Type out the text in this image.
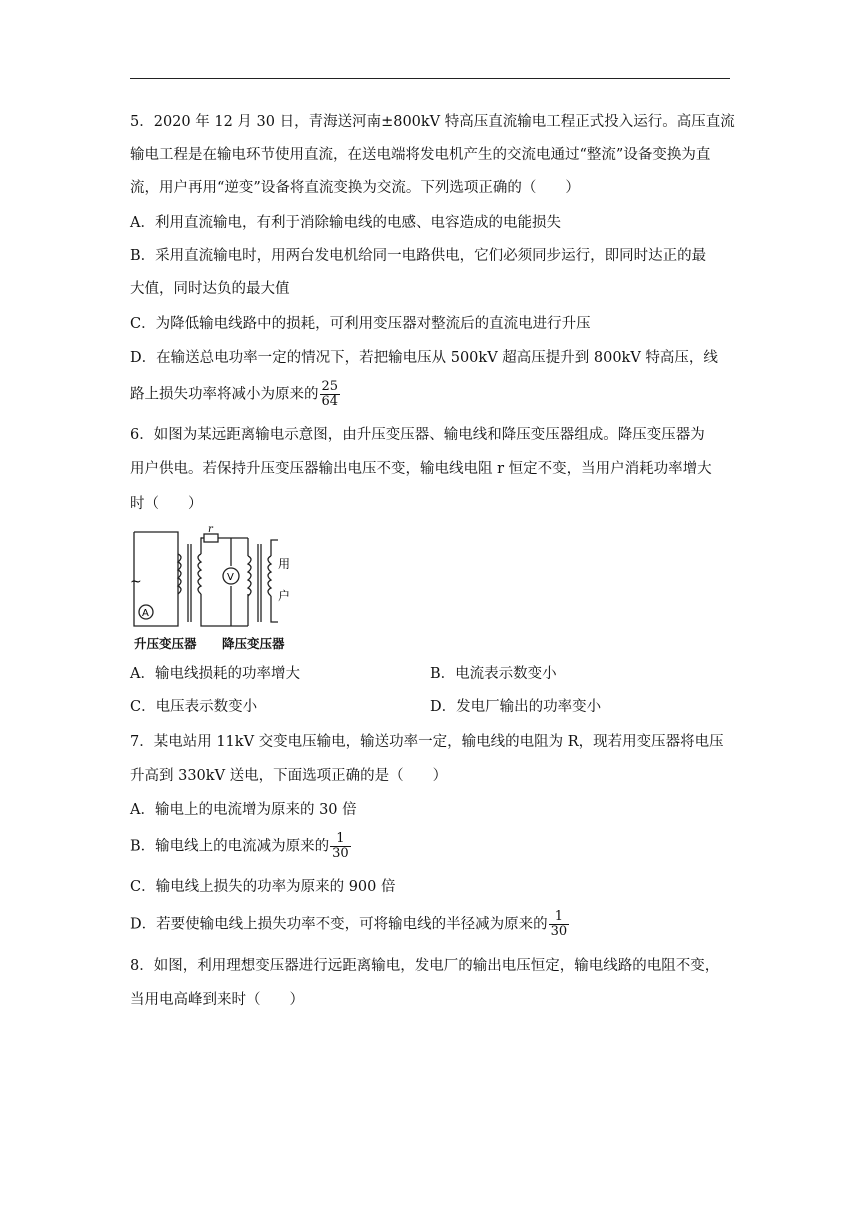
5．2020 年 12 月 30 日，青海送河南±800kV 特高压直流输电工程正式投入运行。高压直流
输电工程是在输电环节使用直流，在送电端将发电机产生的交流电通过“整流”设备变换为直
流，用户再用“逆变”设备将直流变换为交流。下列选项正确的（　　）
A．利用直流输电，有利于消除输电线的电感、电容造成的电能损失
B．采用直流输电时，用两台发电机给同一电路供电，它们必须同步运行，即同时达正的最
大值，同时达负的最大值
C．为降低输电线路中的损耗，可利用变压器对整流后的直流电进行升压
D．在输送总电功率一定的情况下，若把输电压从 500kV 超高压提升到 800kV 特高压，线
路上损失功率将减小为原来的 $\frac{25}{64}$
6．如图为某远距离输电示意图，由升压变压器、输电线和降压变压器组成。降压变压器为
用户供电。若保持升压变压器输出电压不变，输电线电阻 r 恒定不变，当用户消耗功率增大
时（　　）
r
V
A
~
用
户
升压变压器 降压变压器
A．输电线损耗的功率增大	B．电流表示数变小
C．电压表示数变小	D．发电厂输出的功率变小
7．某电站用 11kV 交变电压输电，输送功率一定，输电线的电阻为 R，现若用变压器将电压
升高到 330kV 送电，下面选项正确的是（　　）
A．输电上的电流增为原来的 30 倍
B．输电线上的电流减为原来的 $\frac{1}{30}$
C．输电线上损失的功率为原来的 900 倍
D．若要使输电线上损失功率不变，可将输电线的半径减为原来的 $\frac{1}{30}$
8．如图，利用理想变压器进行远距离输电，发电厂的输出电压恒定，输电线路的电阻不变，
当用电高峰到来时（　　）
